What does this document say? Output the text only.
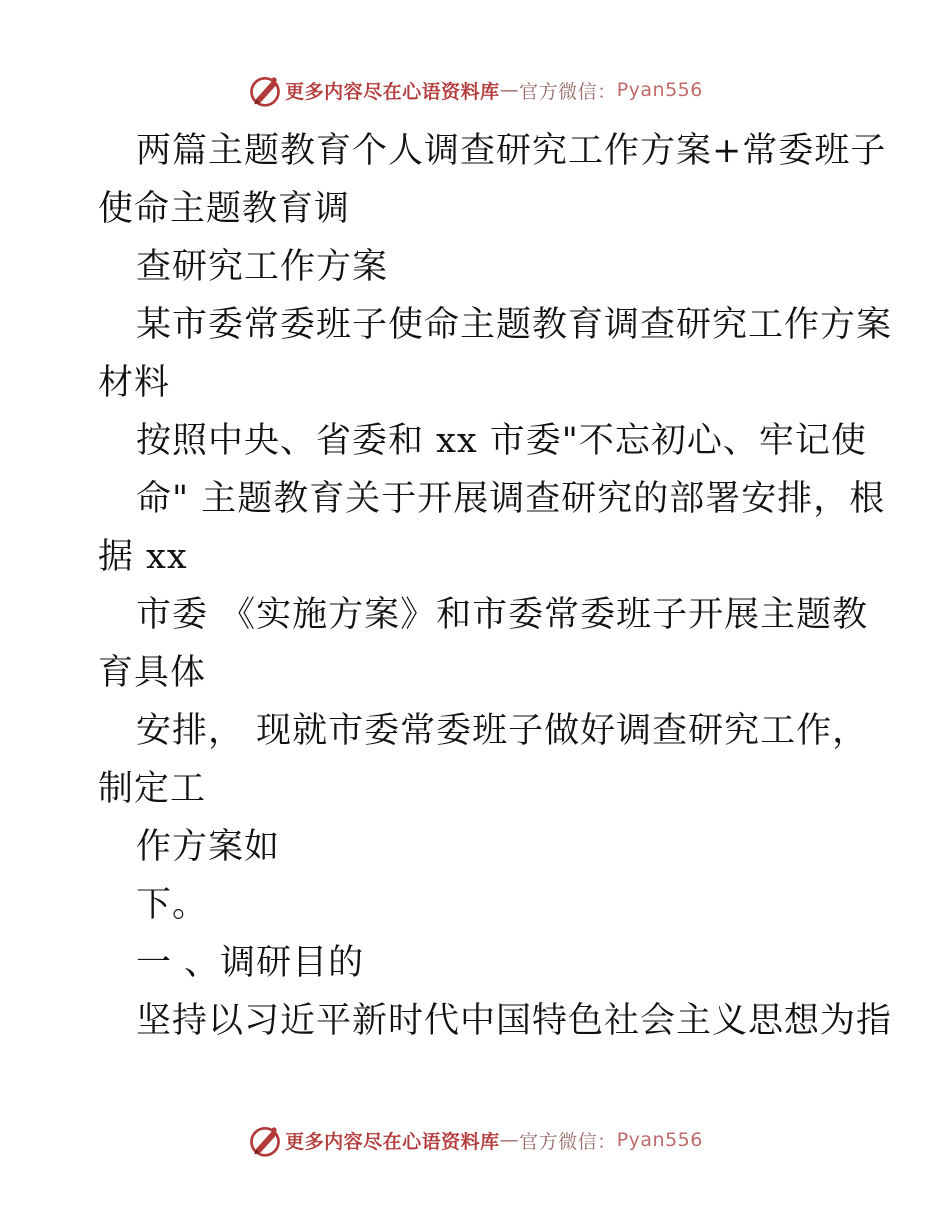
更多内容尽在心语资料库 — 官方微信： Pyan556
两篇主题教育个人调查研究工作方案+常委班子
使命主题教育调
查研究工作方案
某市委常委班子使命主题教育调查研究工作方案
材料
按照中央、省委和 xx 市委"不忘初心、牢记使
命" 主题教育关于开展调查研究的部署安排，根
据 xx
市委 《实施方案》和市委常委班子开展主题教
育具体
安排， 现就市委常委班子做好调查研究工作，
制定工
作方案如
下。
一 、调研目的
坚持以习近平新时代中国特色社会主义思想为指
更多内容尽在心语资料库 — 官方微信： Pyan556
